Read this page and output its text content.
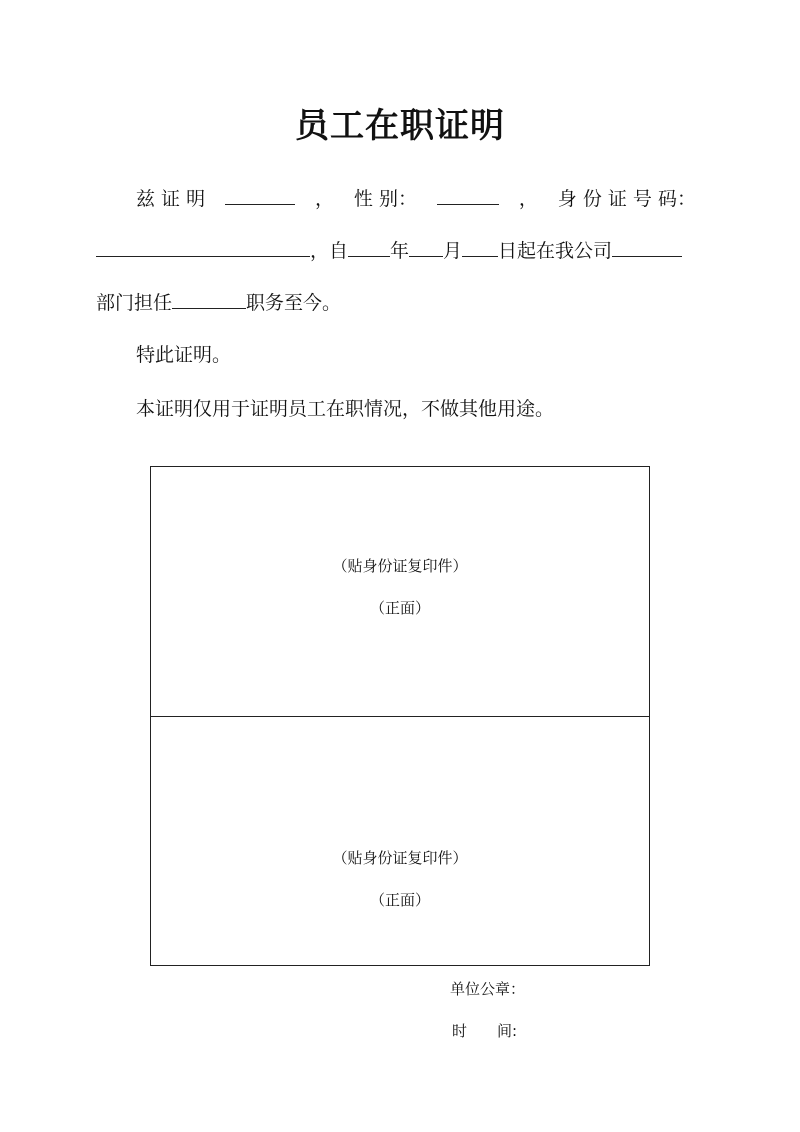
员工在职证明
兹 证 明	， 性 别：	， 身 份 证 号 码：
，自 年 月 日起在我公司
部门担任	职务至今。
特此证明。
本证明仅用于证明员工在职情况，不做其他用途。
（贴身份证复印件）
（正面）
（贴身份证复印件）
（正面）
单位公章：
时 间:
